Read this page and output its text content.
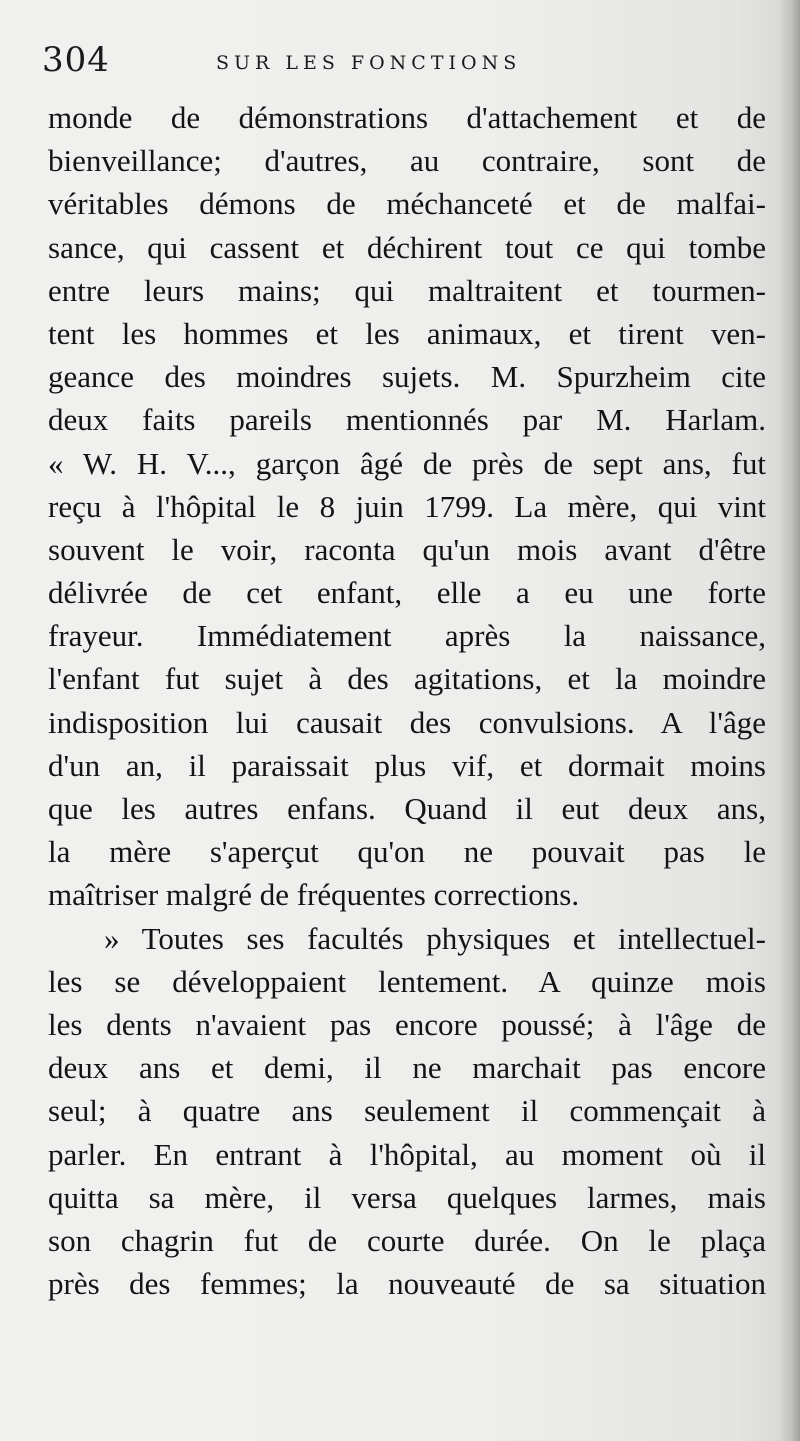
304	SUR LES FONCTIONS
monde de démonstrations d'attachement et de
bienveillance; d'autres, au contraire, sont de
véritables démons de méchanceté et de malfai-
sance, qui cassent et déchirent tout ce qui tombe
entre leurs mains; qui maltraitent et tourmen-
tent les hommes et les animaux, et tirent ven-
geance des moindres sujets. M. Spurzheim cite
deux faits pareils mentionnés par M. Harlam.
« W. H. V..., garçon âgé de près de sept ans, fut
reçu à l'hôpital le 8 juin 1799. La mère, qui vint
souvent le voir, raconta qu'un mois avant d'être
délivrée de cet enfant, elle a eu une forte
frayeur. Immédiatement après la naissance,
l'enfant fut sujet à des agitations, et la moindre
indisposition lui causait des convulsions. A l'âge
d'un an, il paraissait plus vif, et dormait moins
que les autres enfans. Quand il eut deux ans,
la mère s'aperçut qu'on ne pouvait pas le
maîtriser malgré de fréquentes corrections.
» Toutes ses facultés physiques et intellectuel-
les se développaient lentement. A quinze mois
les dents n'avaient pas encore poussé; à l'âge de
deux ans et demi, il ne marchait pas encore
seul; à quatre ans seulement il commençait à
parler. En entrant à l'hôpital, au moment où il
quitta sa mère, il versa quelques larmes, mais
son chagrin fut de courte durée. On le plaça
près des femmes; la nouveauté de sa situation
